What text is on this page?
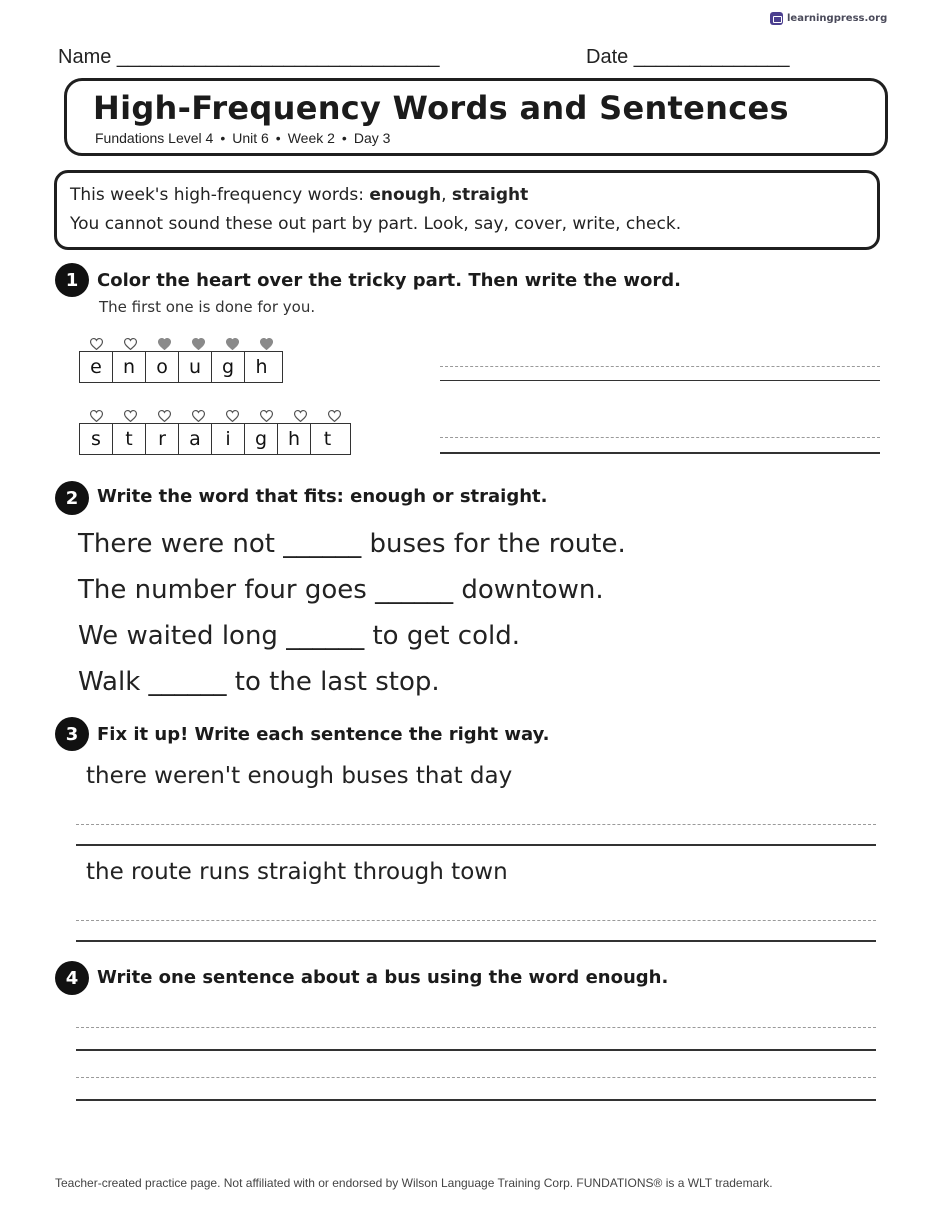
learningpress.org
Name _____________________________	Date ______________
High-Frequency Words and Sentences
Fundations Level 4 • Unit 6 • Week 2 • Day 3
This week's high-frequency words: enough, straight
You cannot sound these out part by part. Look, say, cover, write, check.
1	Color the heart over the tricky part. Then write the word.
The first one is done for you.
e	n	o	u	g	h
s	t	r	a	i	g	h	t
2	Write the word that fits: enough or straight.
There were not ______ buses for the route.
The number four goes ______ downtown.
We waited long ______ to get cold.
Walk ______ to the last stop.
3	Fix it up! Write each sentence the right way.
there weren't enough buses that day
the route runs straight through town
4	Write one sentence about a bus using the word enough.
Teacher-created practice page. Not affiliated with or endorsed by Wilson Language Training Corp. FUNDATIONS® is a WLT trademark.
